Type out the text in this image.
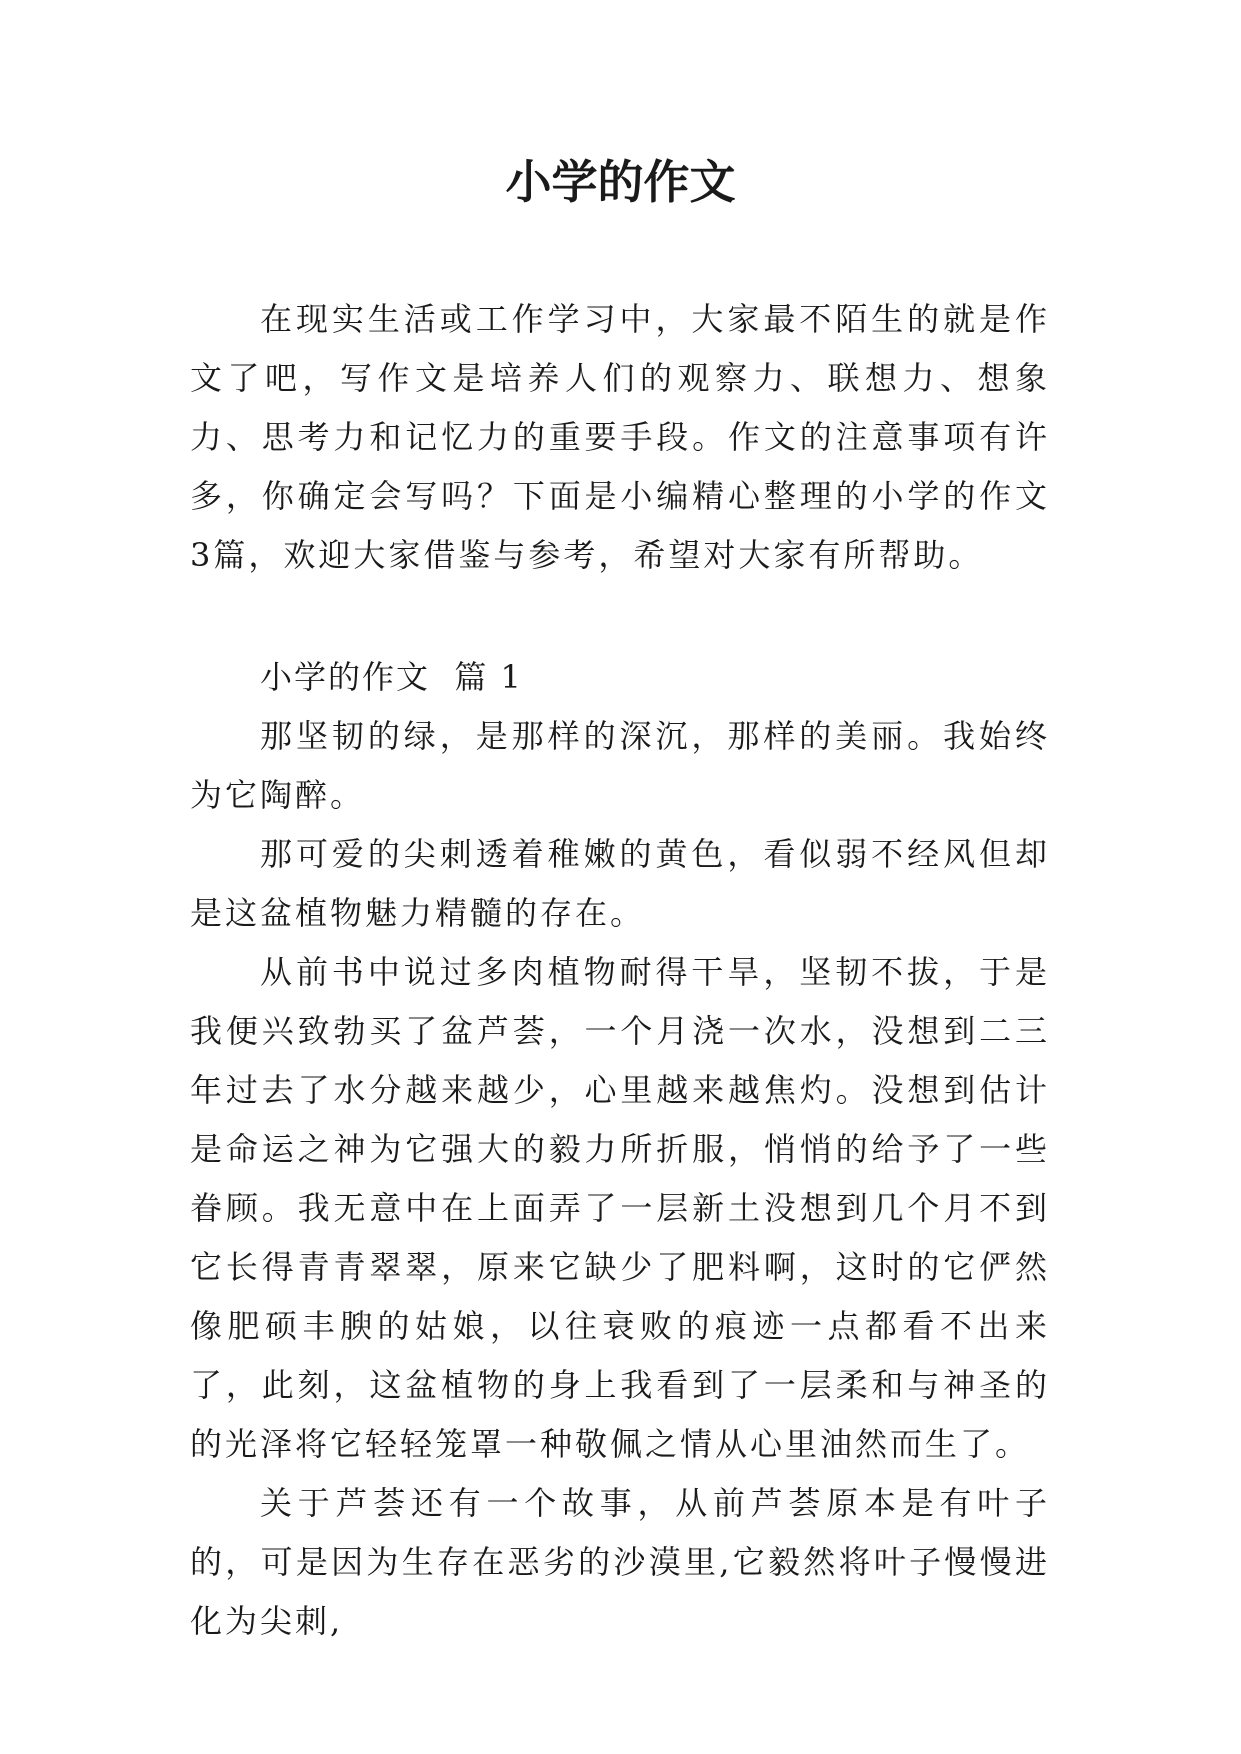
小学的作文

在现实生活或工作学习中，大家最不陌生的就是作文了吧，写作文是培养人们的观察力、联想力、想象力、思考力和记忆力的重要手段。作文的注意事项有许多，你确定会写吗？下面是小编精心整理的小学的作文3篇，欢迎大家借鉴与参考，希望对大家有所帮助。

小学的作文  篇 1

那坚韧的绿，是那样的深沉，那样的美丽。我始终为它陶醉。

那可爱的尖刺透着稚嫩的黄色，看似弱不经风但却是这盆植物魅力精髓的存在。

从前书中说过多肉植物耐得干旱，坚韧不拔，于是我便兴致勃买了盆芦荟，一个月浇一次水，没想到二三年过去了水分越来越少，心里越来越焦灼。没想到估计是命运之神为它强大的毅力所折服，悄悄的给予了一些眷顾。我无意中在上面弄了一层新土没想到几个月不到它长得青青翠翠，原来它缺少了肥料啊，这时的它俨然像肥硕丰腴的姑娘，以往衰败的痕迹一点都看不出来了，此刻，这盆植物的身上我看到了一层柔和与神圣的的光泽将它轻轻笼罩一种敬佩之情从心里油然而生了。

关于芦荟还有一个故事，从前芦荟原本是有叶子的，可是因为生存在恶劣的沙漠里,它毅然将叶子慢慢进化为尖刺,
